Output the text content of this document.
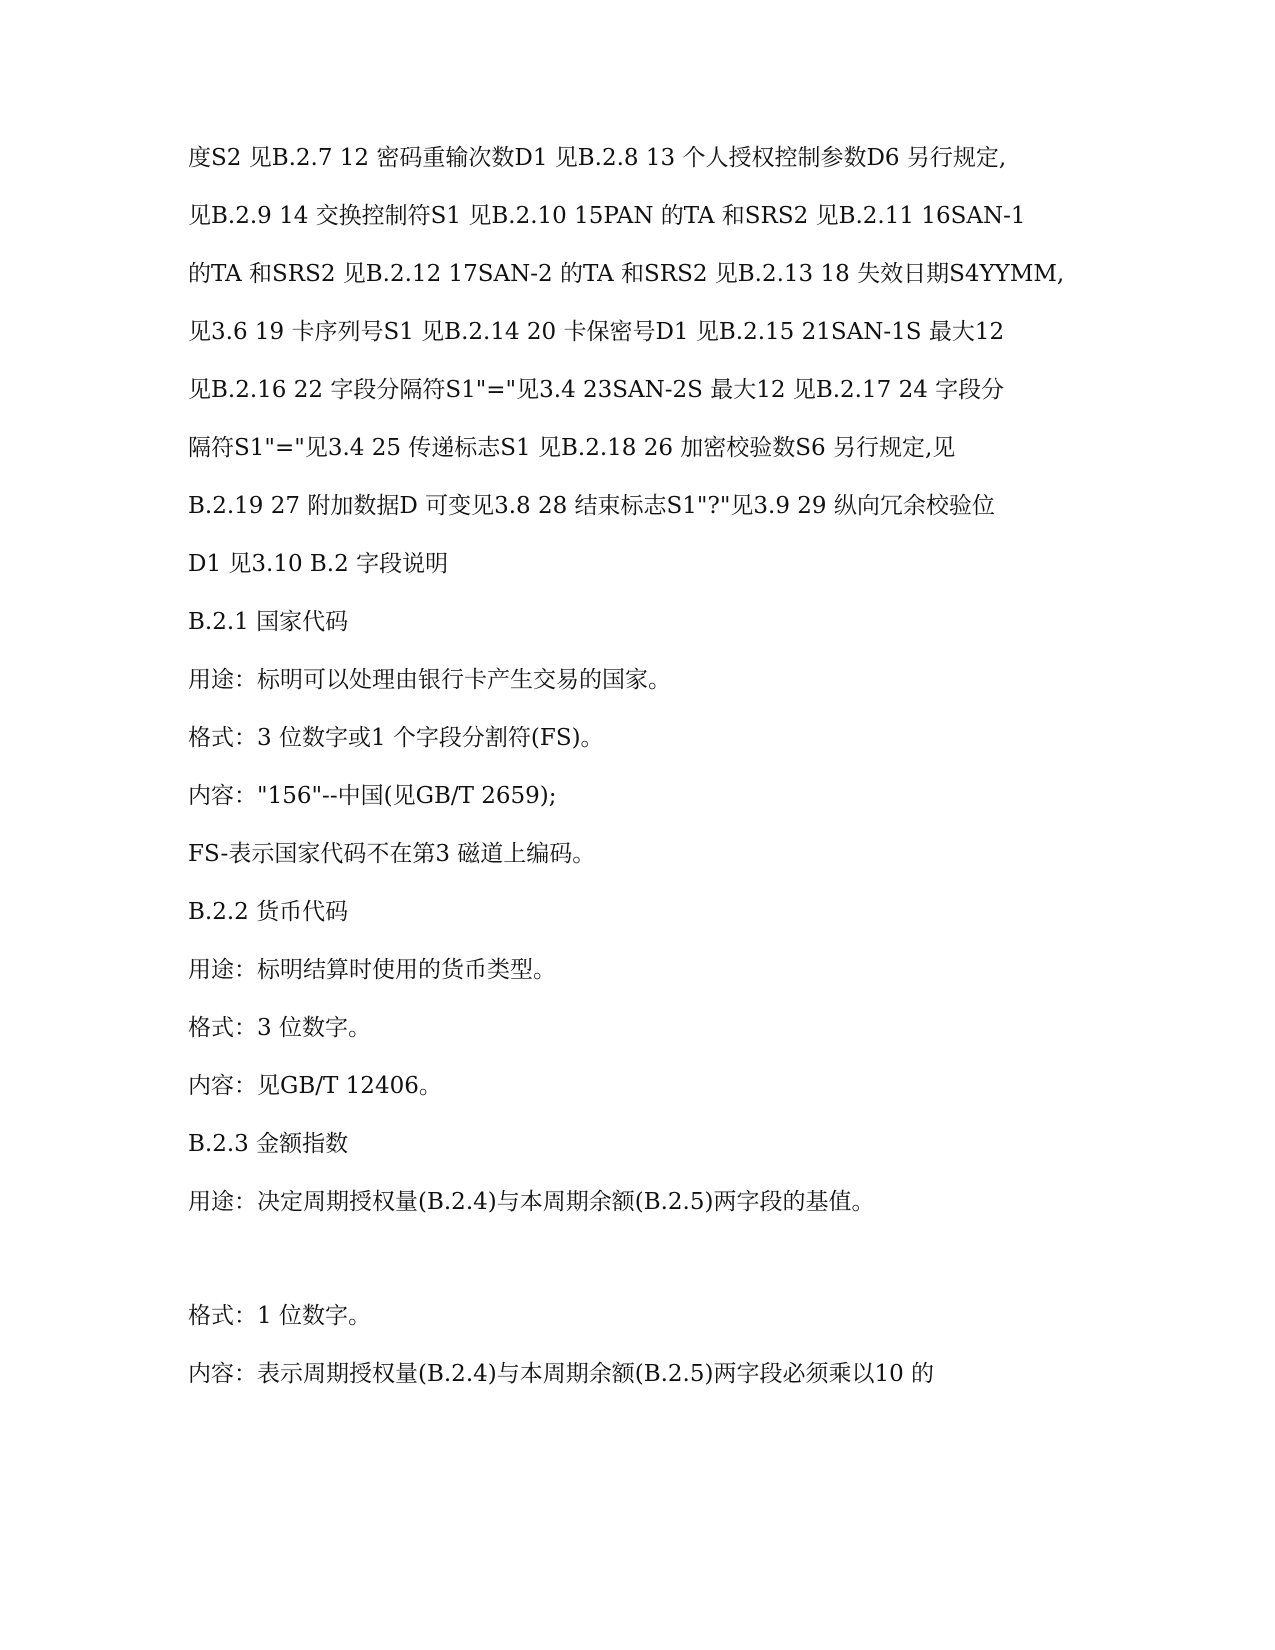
度S2 见B.2.7 12 密码重输次数D1 见B.2.8 13 个人授权控制参数D6 另行规定,
见B.2.9 14 交换控制符S1 见B.2.10 15PAN 的TA 和SRS2 见B.2.11 16SAN-1
的TA 和SRS2 见B.2.12 17SAN-2 的TA 和SRS2 见B.2.13 18 失效日期S4YYMM,
见3.6 19 卡序列号S1 见B.2.14 20 卡保密号D1 见B.2.15 21SAN-1S 最大12
见B.2.16 22 字段分隔符S1"="见3.4 23SAN-2S 最大12 见B.2.17 24 字段分
隔符S1"="见3.4 25 传递标志S1 见B.2.18 26 加密校验数S6 另行规定,见
B.2.19 27 附加数据D 可变见3.8 28 结束标志S1"?"见3.9 29 纵向冗余校验位
D1 见3.10 B.2 字段说明
B.2.1 国家代码
用途：标明可以处理由银行卡产生交易的国家。
格式：3 位数字或1 个字段分割符(FS)。
内容："156"--中国(见GB/T 2659);
FS-表示国家代码不在第3 磁道上编码。
B.2.2 货币代码
用途：标明结算时使用的货币类型。
格式：3 位数字。
内容：见GB/T 12406。
B.2.3 金额指数
用途：决定周期授权量(B.2.4)与本周期余额(B.2.5)两字段的基值。
格式：1 位数字。
内容：表示周期授权量(B.2.4)与本周期余额(B.2.5)两字段必须乘以10 的
